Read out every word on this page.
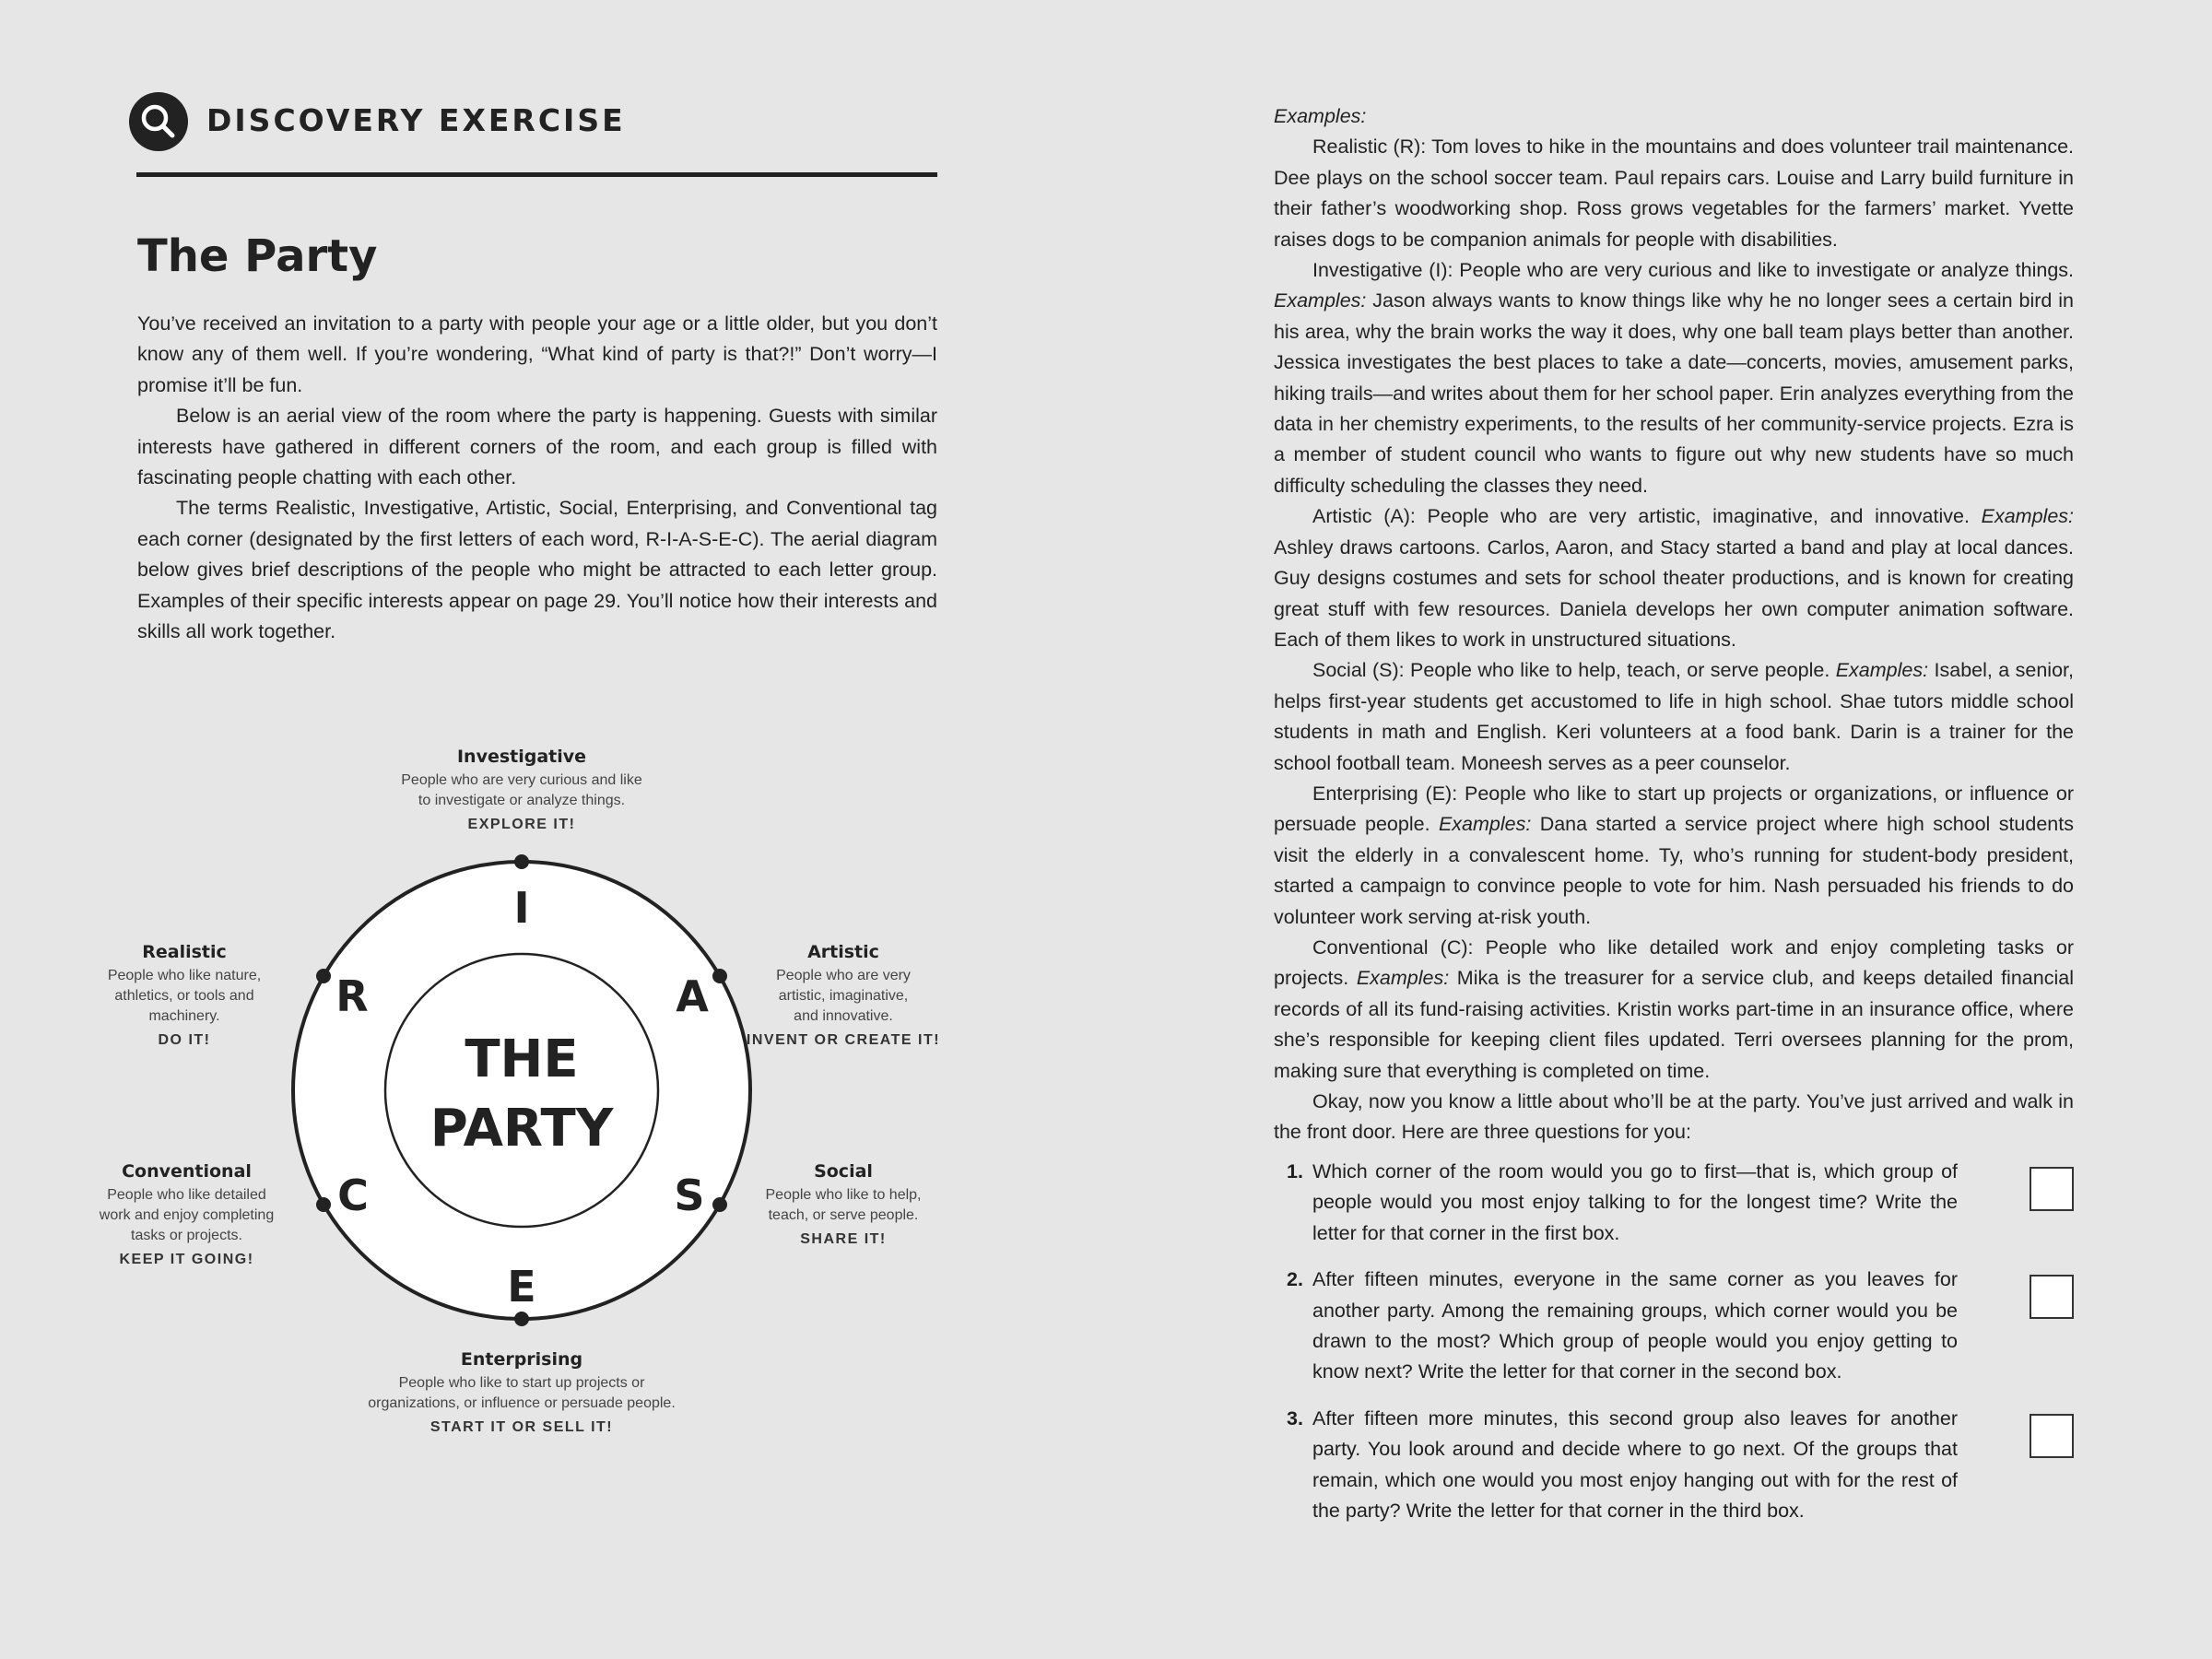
DISCOVERY EXERCISE
The Party

You’ve received an invitation to a party with people your age or a little older, but you don’t know any of them well. If you’re wondering, “What kind of party is that?!” Don’t worry—I promise it’ll be fun.

Below is an aerial view of the room where the party is happening. Guests with similar interests have gathered in different corners of the room, and each group is filled with fascinating people chatting with each other.

The terms Realistic, Investigative, Artistic, Social, Enterprising, and Conventional tag each corner (designated by the first letters of each word, R-I-A-S-E-C). The aerial diagram below gives brief descriptions of the people who might be attracted to each letter group. Examples of their specific interests appear on page 29. You’ll notice how their interests and skills all work together.

I
A
S
E
C
R
THE
PARTY

Investigative

People who are very curious and like

to investigate or analyze things.

EXPLORE IT!

Artistic

People who are very

artistic, imaginative,

and innovative.

INVENT OR CREATE IT!

Social

People who like to help,

teach, or serve people.

SHARE IT!

Enterprising

People who like to start up projects or

organizations, or influence or persuade people.

START IT OR SELL IT!

Conventional

People who like detailed

work and enjoy completing

tasks or projects.

KEEP IT GOING!

Realistic

People who like nature,

athletics, or tools and

machinery.

DO IT!

Examples:

Realistic (R): Tom loves to hike in the mountains and does volunteer trail maintenance. Dee plays on the school soccer team. Paul repairs cars. Louise and Larry build furniture in their father’s woodworking shop. Ross grows vegetables for the farmers’ market. Yvette raises dogs to be companion animals for people with disabilities.

Investigative (I): People who are very curious and like to investigate or analyze things. Examples: Jason always wants to know things like why he no longer sees a certain bird in his area, why the brain works the way it does, why one ball team plays better than another. Jessica investigates the best places to take a date—concerts, movies, amusement parks, hiking trails—and writes about them for her school paper. Erin analyzes everything from the data in her chemistry experiments, to the results of her community-service projects. Ezra is a member of student council who wants to figure out why new students have so much difficulty scheduling the classes they need.

Artistic (A): People who are very artistic, imaginative, and innovative. Examples: Ashley draws cartoons. Carlos, Aaron, and Stacy started a band and play at local dances. Guy designs costumes and sets for school theater productions, and is known for creating great stuff with few resources. Daniela develops her own computer animation software. Each of them likes to work in unstructured situations.

Social (S): People who like to help, teach, or serve people. Examples: Isabel, a senior, helps first-year students get accustomed to life in high school. Shae tutors middle school students in math and English. Keri volunteers at a food bank. Darin is a trainer for the school football team. Moneesh serves as a peer counselor.

Enterprising (E): People who like to start up projects or organizations, or influence or persuade people. Examples: Dana started a service project where high school students visit the elderly in a convalescent home. Ty, who’s running for student-body president, started a campaign to convince people to vote for him. Nash persuaded his friends to do volunteer work serving at-risk youth.

Conventional (C): People who like detailed work and enjoy completing tasks or projects. Examples: Mika is the treasurer for a service club, and keeps detailed financial records of all its fund-raising activities. Kristin works part-time in an insurance office, where she’s responsible for keeping client files updated. Terri oversees planning for the prom, making sure that everything is completed on time.

Okay, now you know a little about who’ll be at the party. You’ve just arrived and walk in the front door. Here are three questions for you:

1. Which corner of the room would you go to first—that is, which group of people would you most enjoy talking to for the longest time? Write the letter for that corner in the first box.
2. After fifteen minutes, everyone in the same corner as you leaves for another party. Among the remaining groups, which corner would you be drawn to the most? Which group of people would you enjoy getting to know next? Write the letter for that corner in the second box.
3. After fifteen more minutes, this second group also leaves for another party. You look around and decide where to go next. Of the groups that remain, which one would you most enjoy hanging out with for the rest of the party? Write the letter for that corner in the third box.
